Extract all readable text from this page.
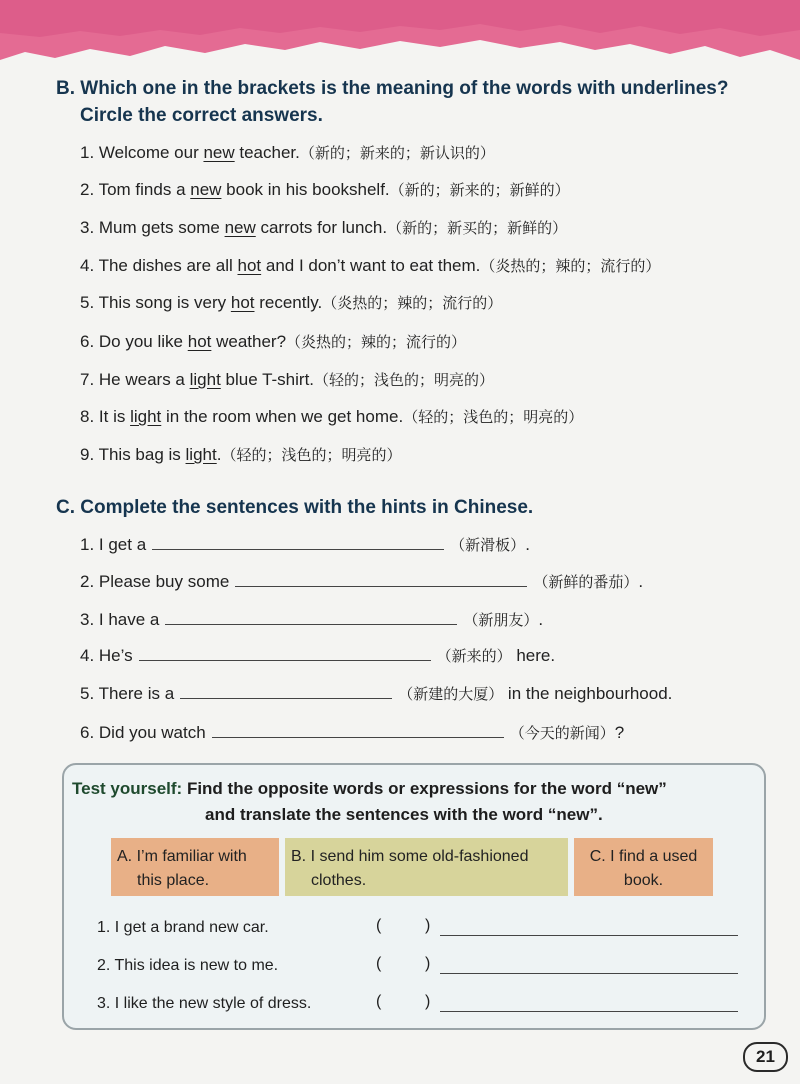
B. Which one in the brackets is the meaning of the words with underlines?
Circle the correct answers.
1. Welcome our new teacher.（新的；新来的；新认识的）
2. Tom finds a new book in his bookshelf.（新的；新来的；新鲜的）
3. Mum gets some new carrots for lunch.（新的；新买的；新鲜的）
4. The dishes are all hot and I don’t want to eat them.（炎热的；辣的；流行的）
5. This song is very hot recently.（炎热的；辣的；流行的）
6. Do you like hot weather?（炎热的；辣的；流行的）
7. He wears a light blue T-shirt.（轻的；浅色的；明亮的）
8. It is light in the room when we get home.（轻的；浅色的；明亮的）
9. This bag is light.（轻的；浅色的；明亮的）
C. Complete the sentences with the hints in Chinese.
1. I get a	（新滑板）.
2. Please buy some	（新鲜的番茄）.
3. I have a	（新朋友）.
4. He’s	（新来的） here.
5. There is a	（新建的大厦） in the neighbourhood.
6. Did you watch	（今天的新闻）?
Test yourself: Find the opposite words or expressions for the word “new”
and translate the sentences with the word “new”.
A. I’m familiar with
this place.
B. I send him some old-fashioned
clothes.
C. I find a used
book.
1. I get a brand new car.	(	)
2. This idea is new to me.	(	)
3. I like the new style of dress.	(	)
21
